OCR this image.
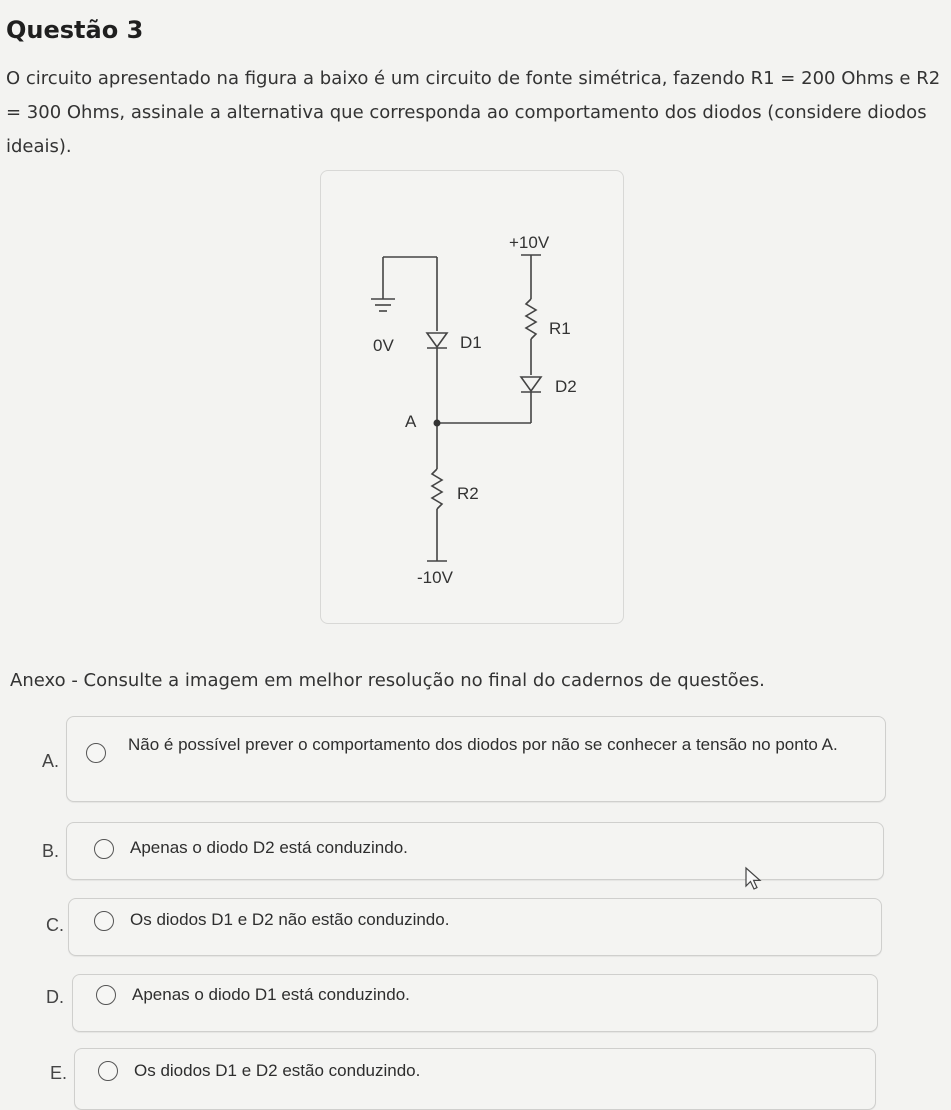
Questão 3
O circuito apresentado na figura a baixo é um circuito de fonte simétrica, fazendo R1 = 200 Ohms e R2 = 300 Ohms, assinale a alternativa que corresponda ao comportamento dos diodos (considere diodos ideais).
+10V
0V	D1
R1
D2
A
R2
-10V
Anexo - Consulte a imagem em melhor resolução no final do cadernos de questões.
A.
Não é possível prever o comportamento dos diodos por não se conhecer a tensão no ponto A.
B.	Apenas o diodo D2 está conduzindo.
C.	Os diodos D1 e D2 não estão conduzindo.
D.	Apenas o diodo D1 está conduzindo.
E.	Os diodos D1 e D2 estão conduzindo.
